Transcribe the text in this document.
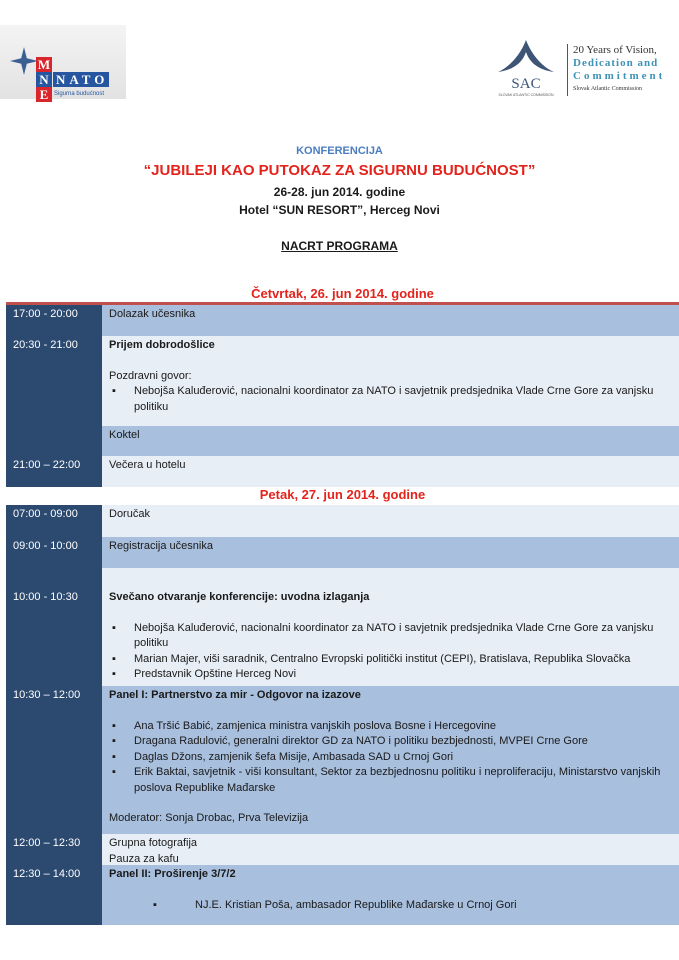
M
N
E
NATO
Sigurna budućnost
SAC
SLOVAK ATLANTIC COMMISSION
20 Years of Vision,
Dedication and
Commitment
Slovak Atlantic Commission
KONFERENCIJA
“JUBILEJI KAO PUTOKAZ ZA SIGURNU BUDUĆNOST”
26-28. jun 2014. godine
Hotel “SUN RESORT”, Herceg Novi
NACRT PROGRAMA
Četvrtak, 26. jun 2014. godine
17:00 - 20:00	Dolazak učesnika
20:30 - 21:00	Prijem dobrodošlice
Pozdravni govor:
▪	Nebojša Kaluđerović, nacionalni koordinator za NATO i savjetnik predsjednika Vlade Crne Gore za vanjsku politiku
Koktel
21:00 – 22:00	Večera u hotelu
Petak, 27. jun 2014. godine
07:00 - 09:00	Doručak
09:00 - 10:00	Registracija učesnika
10:00 - 10:30	Svečano otvaranje konferencije: uvodna izlaganja
▪	Nebojša Kaluđerović, nacionalni koordinator za NATO i savjetnik predsjednika Vlade Crne Gore za vanjsku politiku
▪	Marian Majer, viši saradnik, Centralno Evropski politički institut (CEPI), Bratislava, Republika Slovačka
▪	Predstavnik Opštine Herceg Novi
10:30 – 12:00	Panel I: Partnerstvo za mir - Odgovor na izazove
▪	Ana Tršić Babić, zamjenica ministra vanjskih poslova Bosne i Hercegovine
▪	Dragana Radulović, generalni direktor GD za NATO i politiku bezbjednosti, MVPEI Crne Gore
▪	Daglas Džons, zamjenik šefa Misije, Ambasada SAD u Crnoj Gori
▪	Erik Baktai, savjetnik - viši konsultant, Sektor za bezbjednosnu politiku i neproliferaciju, Ministarstvo vanjskih poslova Republike Mađarske
Moderator: Sonja Drobac, Prva Televizija
12:00 – 12:30	Grupna fotografija
Pauza za kafu
12:30 – 14:00	Panel II: Proširenje 3/7/2
▪	NJ.E. Kristian Poša, ambasador Republike Mađarske u Crnoj Gori
